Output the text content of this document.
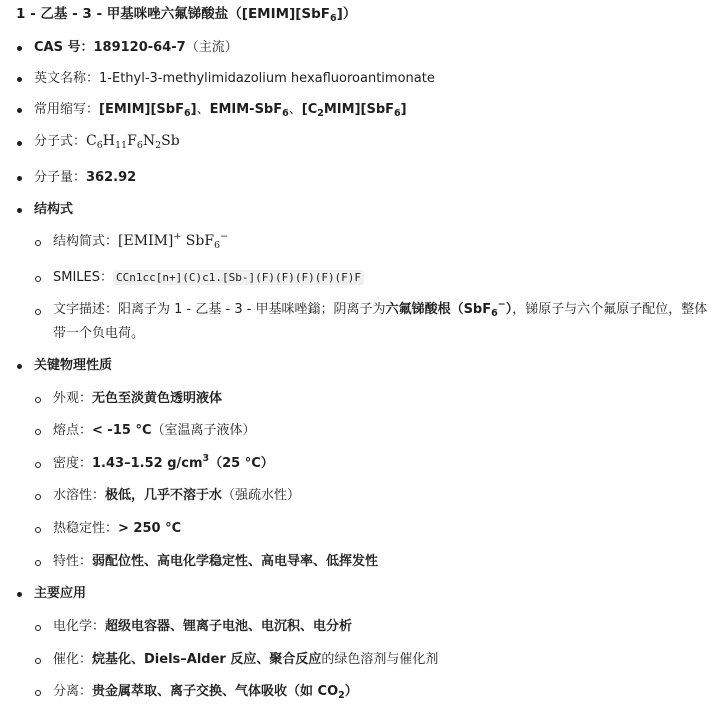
1 - 乙基 - 3 - 甲基咪唑六氟锑酸盐（[EMIM][SbF$_6$]）
CAS 号：189120-64-7（主流）
英文名称：1-Ethyl-3-methylimidazolium hexafluoroantimonate
常用缩写：[EMIM][SbF$_6$]、EMIM-SbF$_6$、$[C_2MIM][SbF_6]$
分子式：$C_6H_{11}F_6N_2Sb$
分子量：362.92
结构式
结构简式：[EMIM]+ SbF$_6$−
SMILES： CCn1cc[n+](C)c1.[Sb-](F)(F)(F)(F)(F)F
文字描述：阳离子为 1 - 乙基 - 3 - 甲基咪唑鎓；阴离子为六氟锑酸根（SbF$_6$−），锑原子与六个氟原子配位，整体带一个负电荷。
关键物理性质
外观：无色至淡黄色透明液体
熔点：< -15 °C（室温离子液体）
密度：1.43–1.52 $g/cm^3(25$ °C）
水溶性：极低，几乎不溶于水（强疏水性）
热稳定性：> 250 °C
特性：弱配位性、高电化学稳定性、高电导率、低挥发性
主要应用
电化学：超级电容器、锂离子电池、电沉积、电分析
催化：烷基化、Diels–Alder 反应、聚合反应的绿色溶剂与催化剂
分离：贵金属萃取、离子交换、气体吸收（如 $CO_2$）
